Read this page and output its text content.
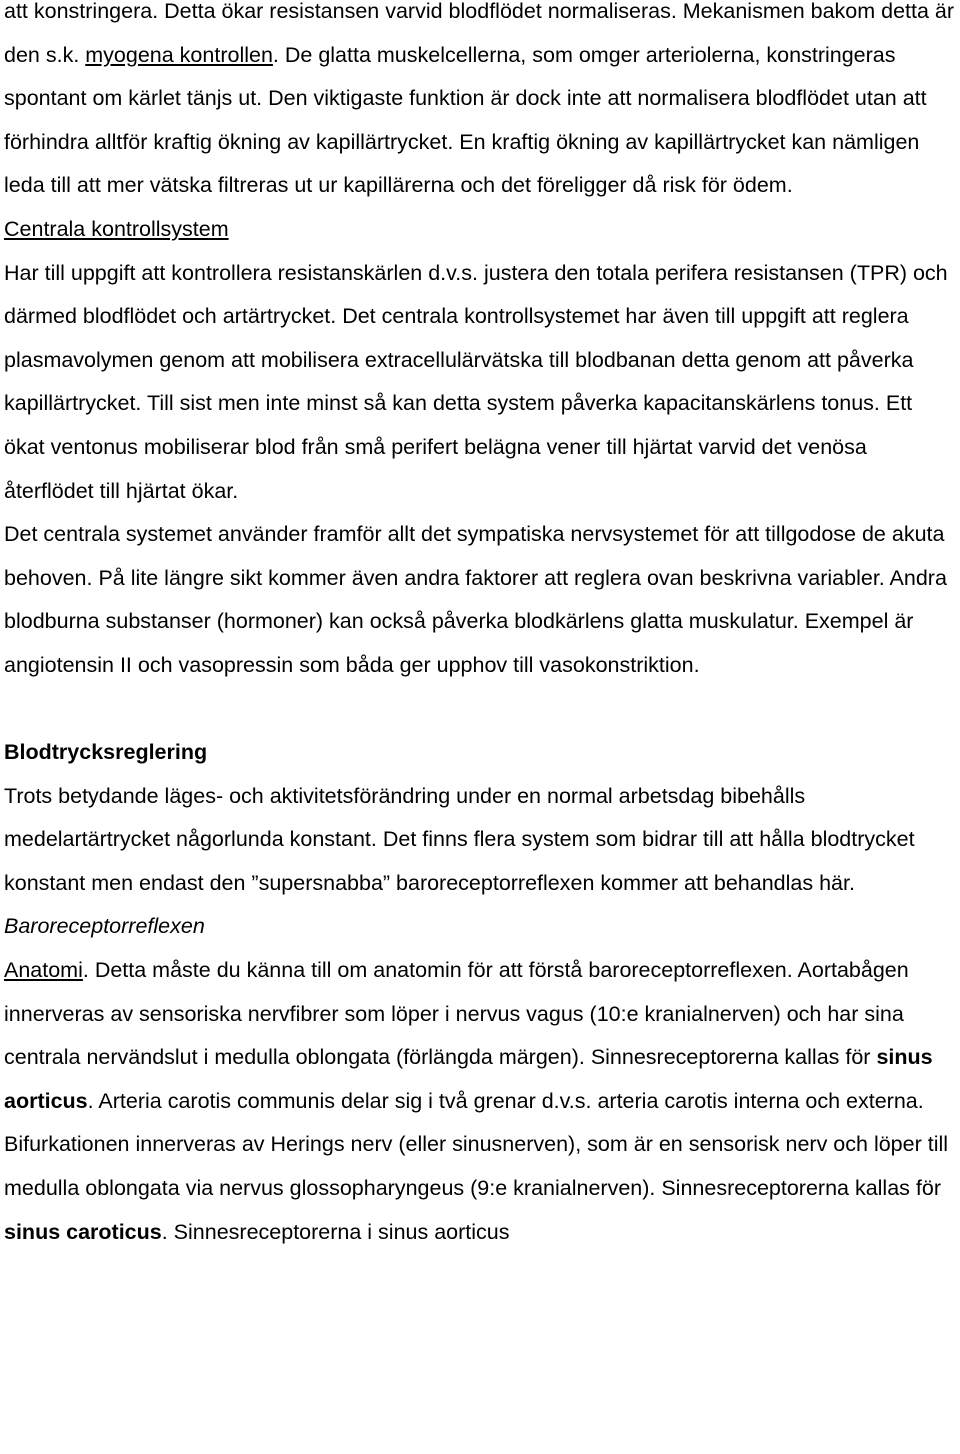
att konstringera. Detta ökar resistansen varvid blodflödet normaliseras. Mekanismen bakom detta är den s.k. myogena kontrollen. De glatta muskelcellerna, som omger arteriolerna, konstringeras spontant om kärlet tänjs ut. Den viktigaste funktion är dock inte att normalisera blodflödet utan att förhindra alltför kraftig ökning av kapillärtrycket. En kraftig ökning av kapillärtrycket kan nämligen leda till att mer vätska filtreras ut ur kapillärerna och det föreligger då risk för ödem.

Centrala kontrollsystem

Har till uppgift att kontrollera resistanskärlen d.v.s. justera den totala perifera resistansen (TPR) och därmed blodflödet och artärtrycket. Det centrala kontrollsystemet har även till uppgift att reglera plasmavolymen genom att mobilisera extracellulärvätska till blodbanan detta genom att påverka kapillärtrycket. Till sist men inte minst så kan detta system påverka kapacitanskärlens tonus. Ett ökat ventonus mobiliserar blod från små perifert belägna vener till hjärtat varvid det venösa återflödet till hjärtat ökar.

Det centrala systemet använder framför allt det sympatiska nervsystemet för att tillgodose de akuta behoven. På lite längre sikt kommer även andra faktorer att reglera ovan beskrivna variabler. Andra blodburna substanser (hormoner) kan också påverka blodkärlens glatta muskulatur. Exempel är angiotensin II och vasopressin som båda ger upphov till vasokonstriktion.

Blodtrycksreglering

Trots betydande läges- och aktivitetsförändring under en normal arbetsdag bibehålls medelartärtrycket någorlunda konstant. Det finns flera system som bidrar till att hålla blodtrycket konstant men endast den ”supersnabba” baroreceptorreflexen kommer att behandlas här.

Baroreceptorreflexen

Anatomi. Detta måste du känna till om anatomin för att förstå baroreceptorreflexen. Aortabågen innerveras av sensoriska nervfibrer som löper i nervus vagus (10:e kranialnerven) och har sina centrala nervändslut i medulla oblongata (förlängda märgen). Sinnesreceptorerna kallas för sinus aorticus. Arteria carotis communis delar sig i två grenar d.v.s. arteria carotis interna och externa. Bifurkationen innerveras av Herings nerv (eller sinusnerven), som är en sensorisk nerv och löper till medulla oblongata via nervus glossopharyngeus (9:e kranialnerven). Sinnesreceptorerna kallas för sinus caroticus. Sinnesreceptorerna i sinus aorticus
